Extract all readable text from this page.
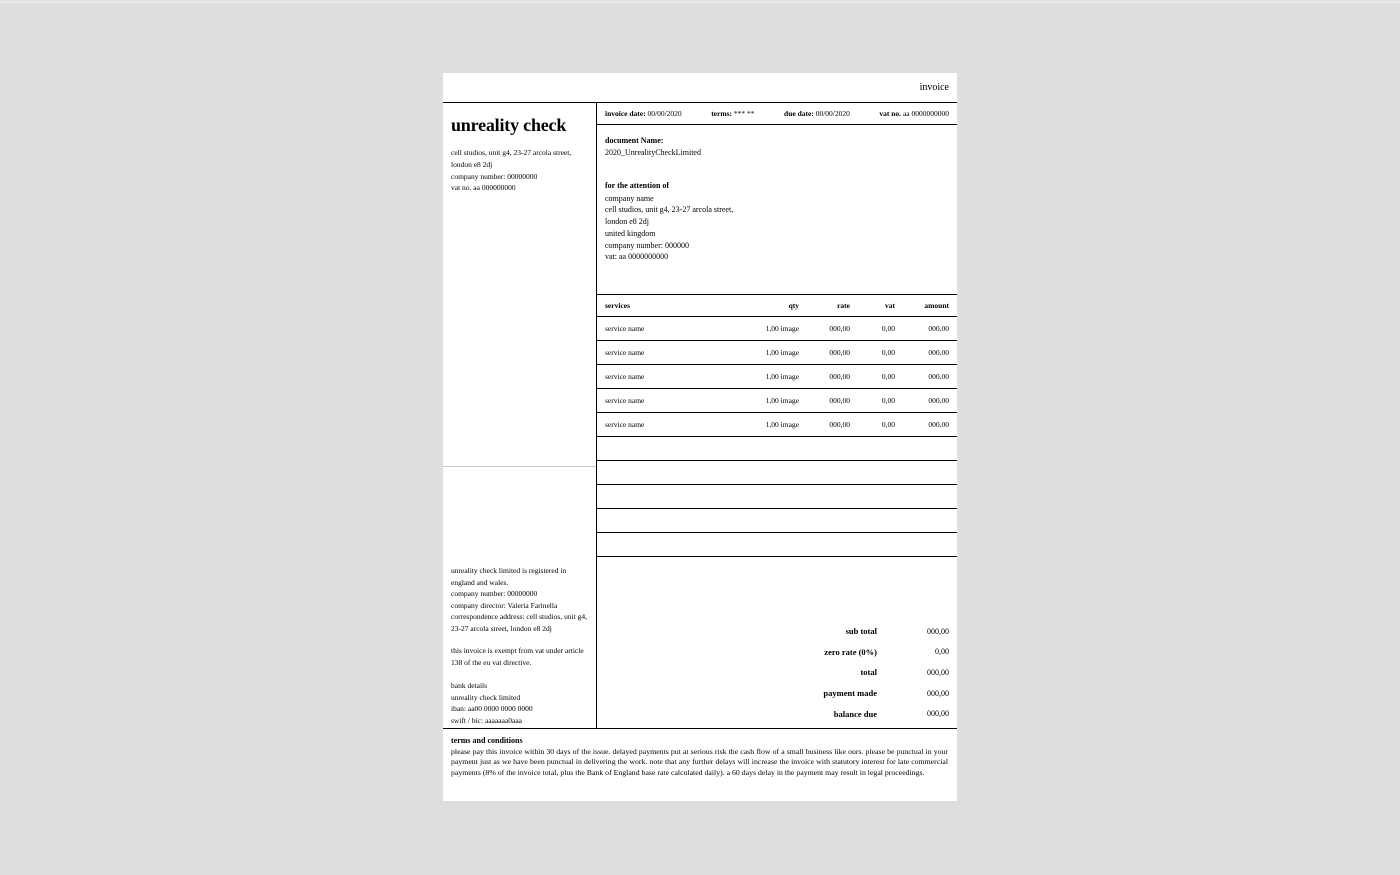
invoice
unreality check
cell studios, unit g4, 23-27 arcola street,
london e8 2dj
company number: 00000000
vat no. aa 000000000
unreality check limited is registered in england and wales.
company number: 00000000
company director: Valeria Farinella
correspondence address: cell studios, unit g4, 23-27 arcola street, london e8 2dj
this invoice is exempt from vat under article 138 of the eu vat directive.
bank details
unreality check limited
iban: aa00 0000 0000 0000
swift / bic: aaaaaaa0aaa
invoice date: 00/00/2020	terms: *** **	due date: 00/00/2020	vat no. aa 0000000000
document Name:
2020_UnrealityCheckLimited
for the attention of
company name
cell studios, unit g4, 23-27 arcola street,
london e8 2dj
united kingdom
company number: 000000
vat: aa 0000000000
services	qty	rate	vat	amount
service name	1,00 image	000,00	0,00	000,00
service name	1,00 image	000,00	0,00	000,00
service name	1,00 image	000,00	0,00	000,00
service name	1,00 image	000,00	0,00	000,00
service name	1,00 image	000,00	0,00	000,00
sub total	000,00
zero rate (0%)	0,00
total	000,00
payment made	000,00
balance due	000,00
terms and conditions
please pay this invoice within 30 days of the issue. delayed payments put at serious risk the cash flow of a small business like ours. please be punctual in your payment just as we have been punctual in delivering the work. note that any further delays will increase the invoice with statutory interest for late commercial payments (8% of the invoice total, plus the Bank of England base rate calculated daily). a 60 days delay in the payment may result in legal proceedings.
